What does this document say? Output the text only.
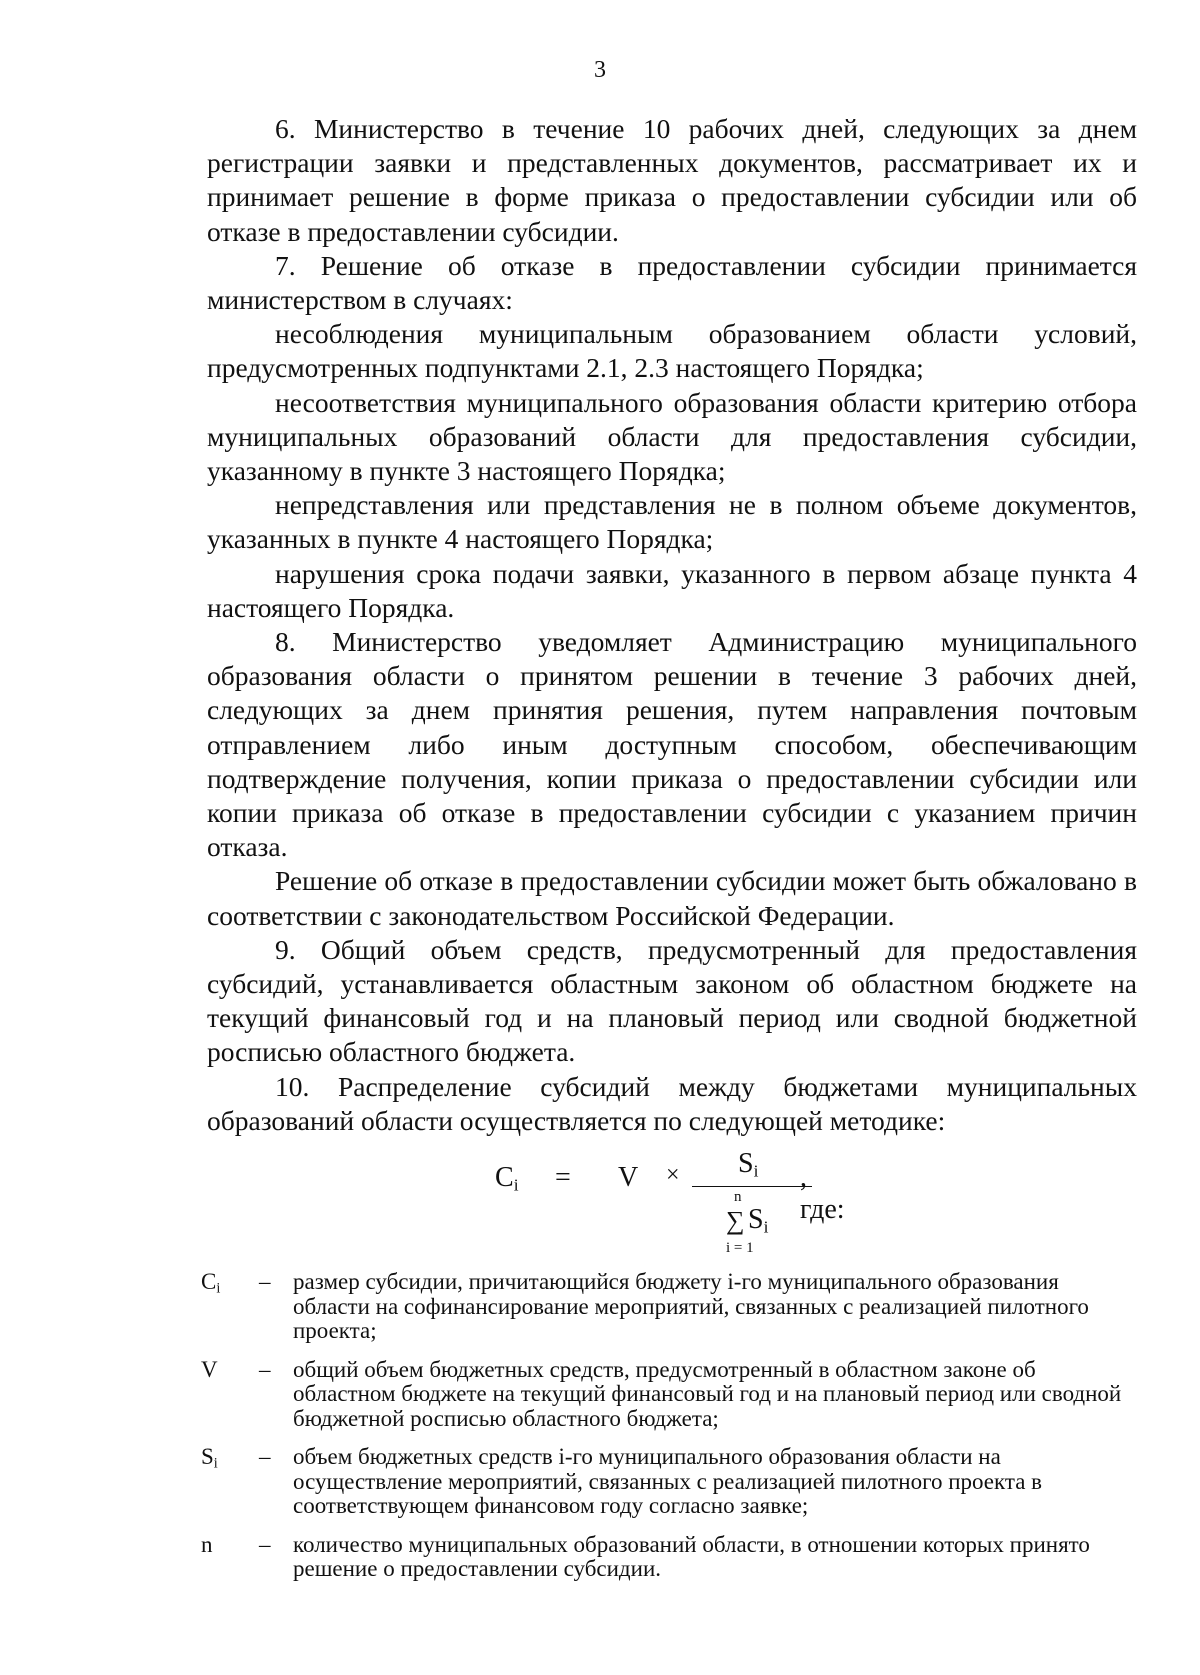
3

6. Министерство в течение 10 рабочих дней, следующих за днем регистрации заявки и представленных документов, рассматривает их и принимает решение в форме приказа о предоставлении субсидии или об отказе в предоставлении субсидии.

7. Решение об отказе в предоставлении субсидии принимается министерством в случаях:

несоблюдения муниципальным образованием области условий, предусмотренных подпунктами 2.1, 2.3 настоящего Порядка;

несоответствия муниципального образования области критерию отбора муниципальных образований области для предоставления субсидии, указанному в пункте 3 настоящего Порядка;

непредставления или представления не в полном объеме документов, указанных в пункте 4 настоящего Порядка;

нарушения срока подачи заявки, указанного в первом абзаце пункта 4 настоящего Порядка.

8. Министерство уведомляет Администрацию муниципального образования области о принятом решении в течение 3 рабочих дней, следующих за днем принятия решения, путем направления почтовым отправлением либо иным доступным способом, обеспечивающим подтверждение получения, копии приказа о предоставлении субсидии или копии приказа об отказе в предоставлении субсидии с указанием причин отказа.

Решение об отказе в предоставлении субсидии может быть обжаловано в соответствии с законодательством Российской Федерации.

9. Общий объем средств, предусмотренный для предоставления субсидий, устанавливается областным законом об областном бюджете на текущий финансовый год и на плановый период или сводной бюджетной росписью областного бюджета.

10. Распределение субсидий между бюджетами муниципальных образований области осуществляется по следующей методике:

$C_i = V \times S_i$ , где:
n
∑ $S_i$
i = 1
$C_i$	– размер субсидии, причитающийся бюджету i-го муниципального образования области на софинансирование мероприятий, связанных с реализацией пилотного проекта;
V	– общий объем бюджетных средств, предусмотренный в областном законе об областном бюджете на текущий финансовый год и на плановый период или сводной бюджетной росписью областного бюджета;
$S_i$	– объем бюджетных средств i-го муниципального образования области на осуществление мероприятий, связанных с реализацией пилотного проекта в соответствующем финансовом году согласно заявке;
n	– количество муниципальных образований области, в отношении которых принято решение о предоставлении субсидии.
